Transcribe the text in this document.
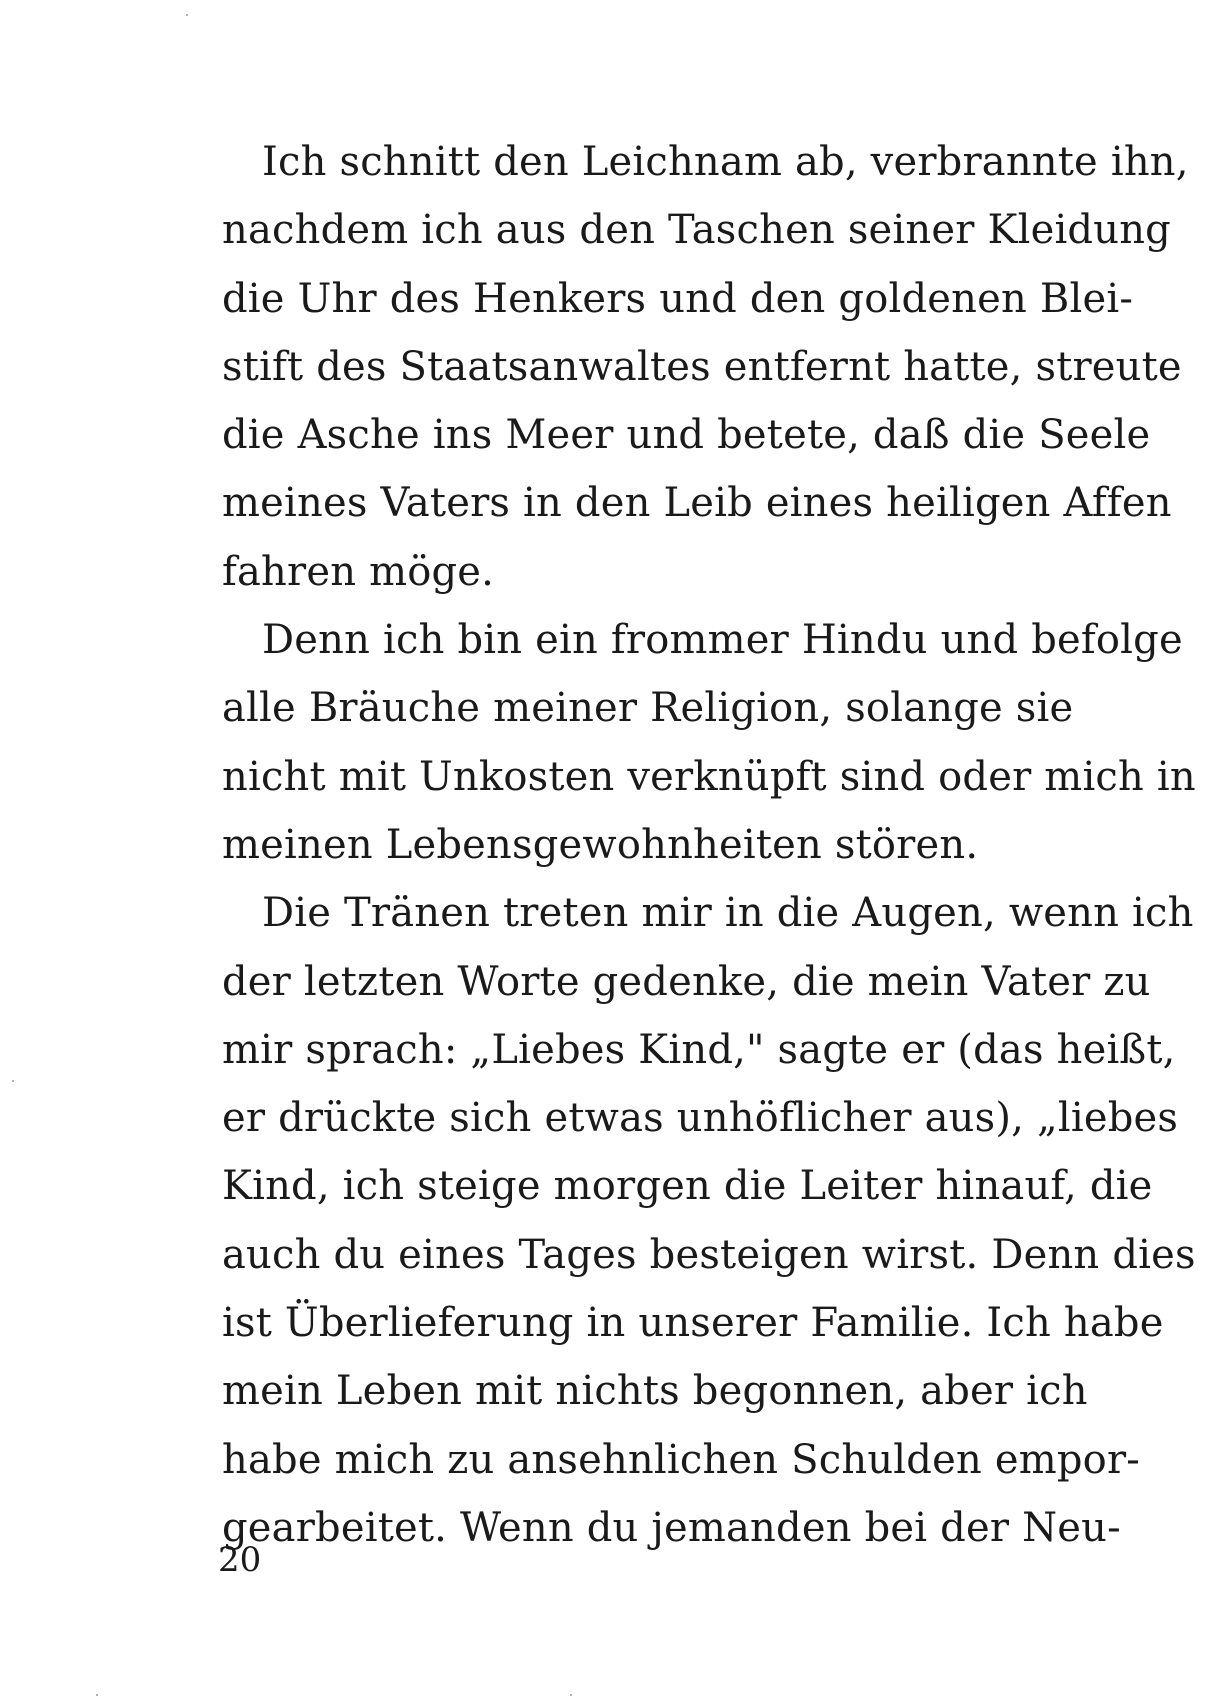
Ich schnitt den Leichnam ab, verbrannte ihn,
nachdem ich aus den Taschen seiner Kleidung
die Uhr des Henkers und den goldenen Blei-
stift des Staatsanwaltes entfernt hatte, streute
die Asche ins Meer und betete, daß die Seele
meines Vaters in den Leib eines heiligen Affen
fahren möge.
Denn ich bin ein frommer Hindu und befolge
alle Bräuche meiner Religion, solange sie
nicht mit Unkosten verknüpft sind oder mich in
meinen Lebensgewohnheiten stören.
Die Tränen treten mir in die Augen, wenn ich
der letzten Worte gedenke, die mein Vater zu
mir sprach: „Liebes Kind," sagte er (das heißt,
er drückte sich etwas unhöflicher aus), „liebes
Kind, ich steige morgen die Leiter hinauf, die
auch du eines Tages besteigen wirst. Denn dies
ist Überlieferung in unserer Familie. Ich habe
mein Leben mit nichts begonnen, aber ich
habe mich zu ansehnlichen Schulden empor-
gearbeitet. Wenn du jemanden bei der Neu-
20
